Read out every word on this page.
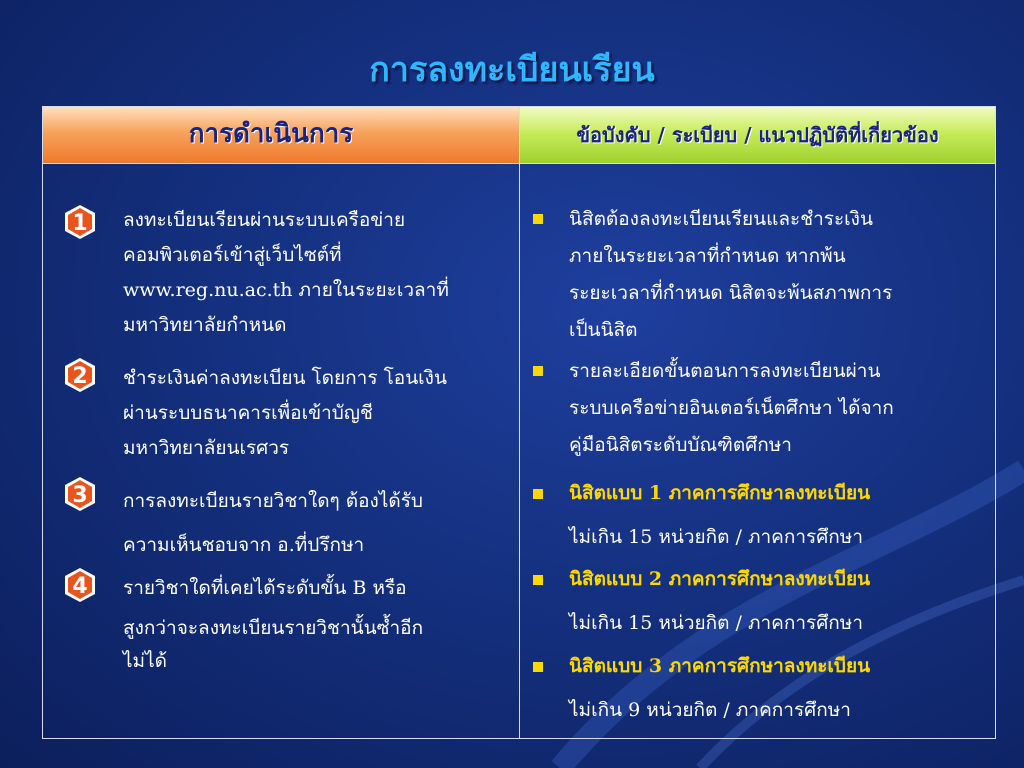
การลงทะเบียนเรียน
การดำเนินการ	ข้อบังคับ / ระเบียบ / แนวปฏิบัติที่เกี่ยวข้อง
1 ลงทะเบียนเรียนผ่านระบบเครือข่าย
คอมพิวเตอร์เข้าสู่เว็บไซต์ที่
www.reg.nu.ac.th ภายในระยะเวลาที่
มหาวิทยาลัยกำหนด
2 ชำระเงินค่าลงทะเบียน โดยการ โอนเงิน
ผ่านระบบธนาคารเพื่อเข้าบัญชี
มหาวิทยาลัยนเรศวร
3 การลงทะเบียนรายวิชาใดๆ ต้องได้รับ
ความเห็นชอบจาก อ.ที่ปรึกษา
4 รายวิชาใดที่เคยได้ระดับขั้น B หรือ
สูงกว่าจะลงทะเบียนรายวิชานั้นซ้ำอีก
ไม่ได้
นิสิตต้องลงทะเบียนเรียนและชำระเงิน
ภายในระยะเวลาที่กำหนด หากพ้น
ระยะเวลาที่กำหนด นิสิตจะพ้นสภาพการ
เป็นนิสิต
รายละเอียดขั้นตอนการลงทะเบียนผ่าน
ระบบเครือข่ายอินเตอร์เน็ตศึกษา ได้จาก
คู่มือนิสิตระดับบัณฑิตศึกษา
นิสิตแบบ 1 ภาคการศึกษาลงทะเบียน
ไม่เกิน 15 หน่วยกิต / ภาคการศึกษา
นิสิตแบบ 2 ภาคการศึกษาลงทะเบียน
ไม่เกิน 15 หน่วยกิต / ภาคการศึกษา
นิสิตแบบ 3 ภาคการศึกษาลงทะเบียน
ไม่เกิน 9 หน่วยกิต / ภาคการศึกษา
